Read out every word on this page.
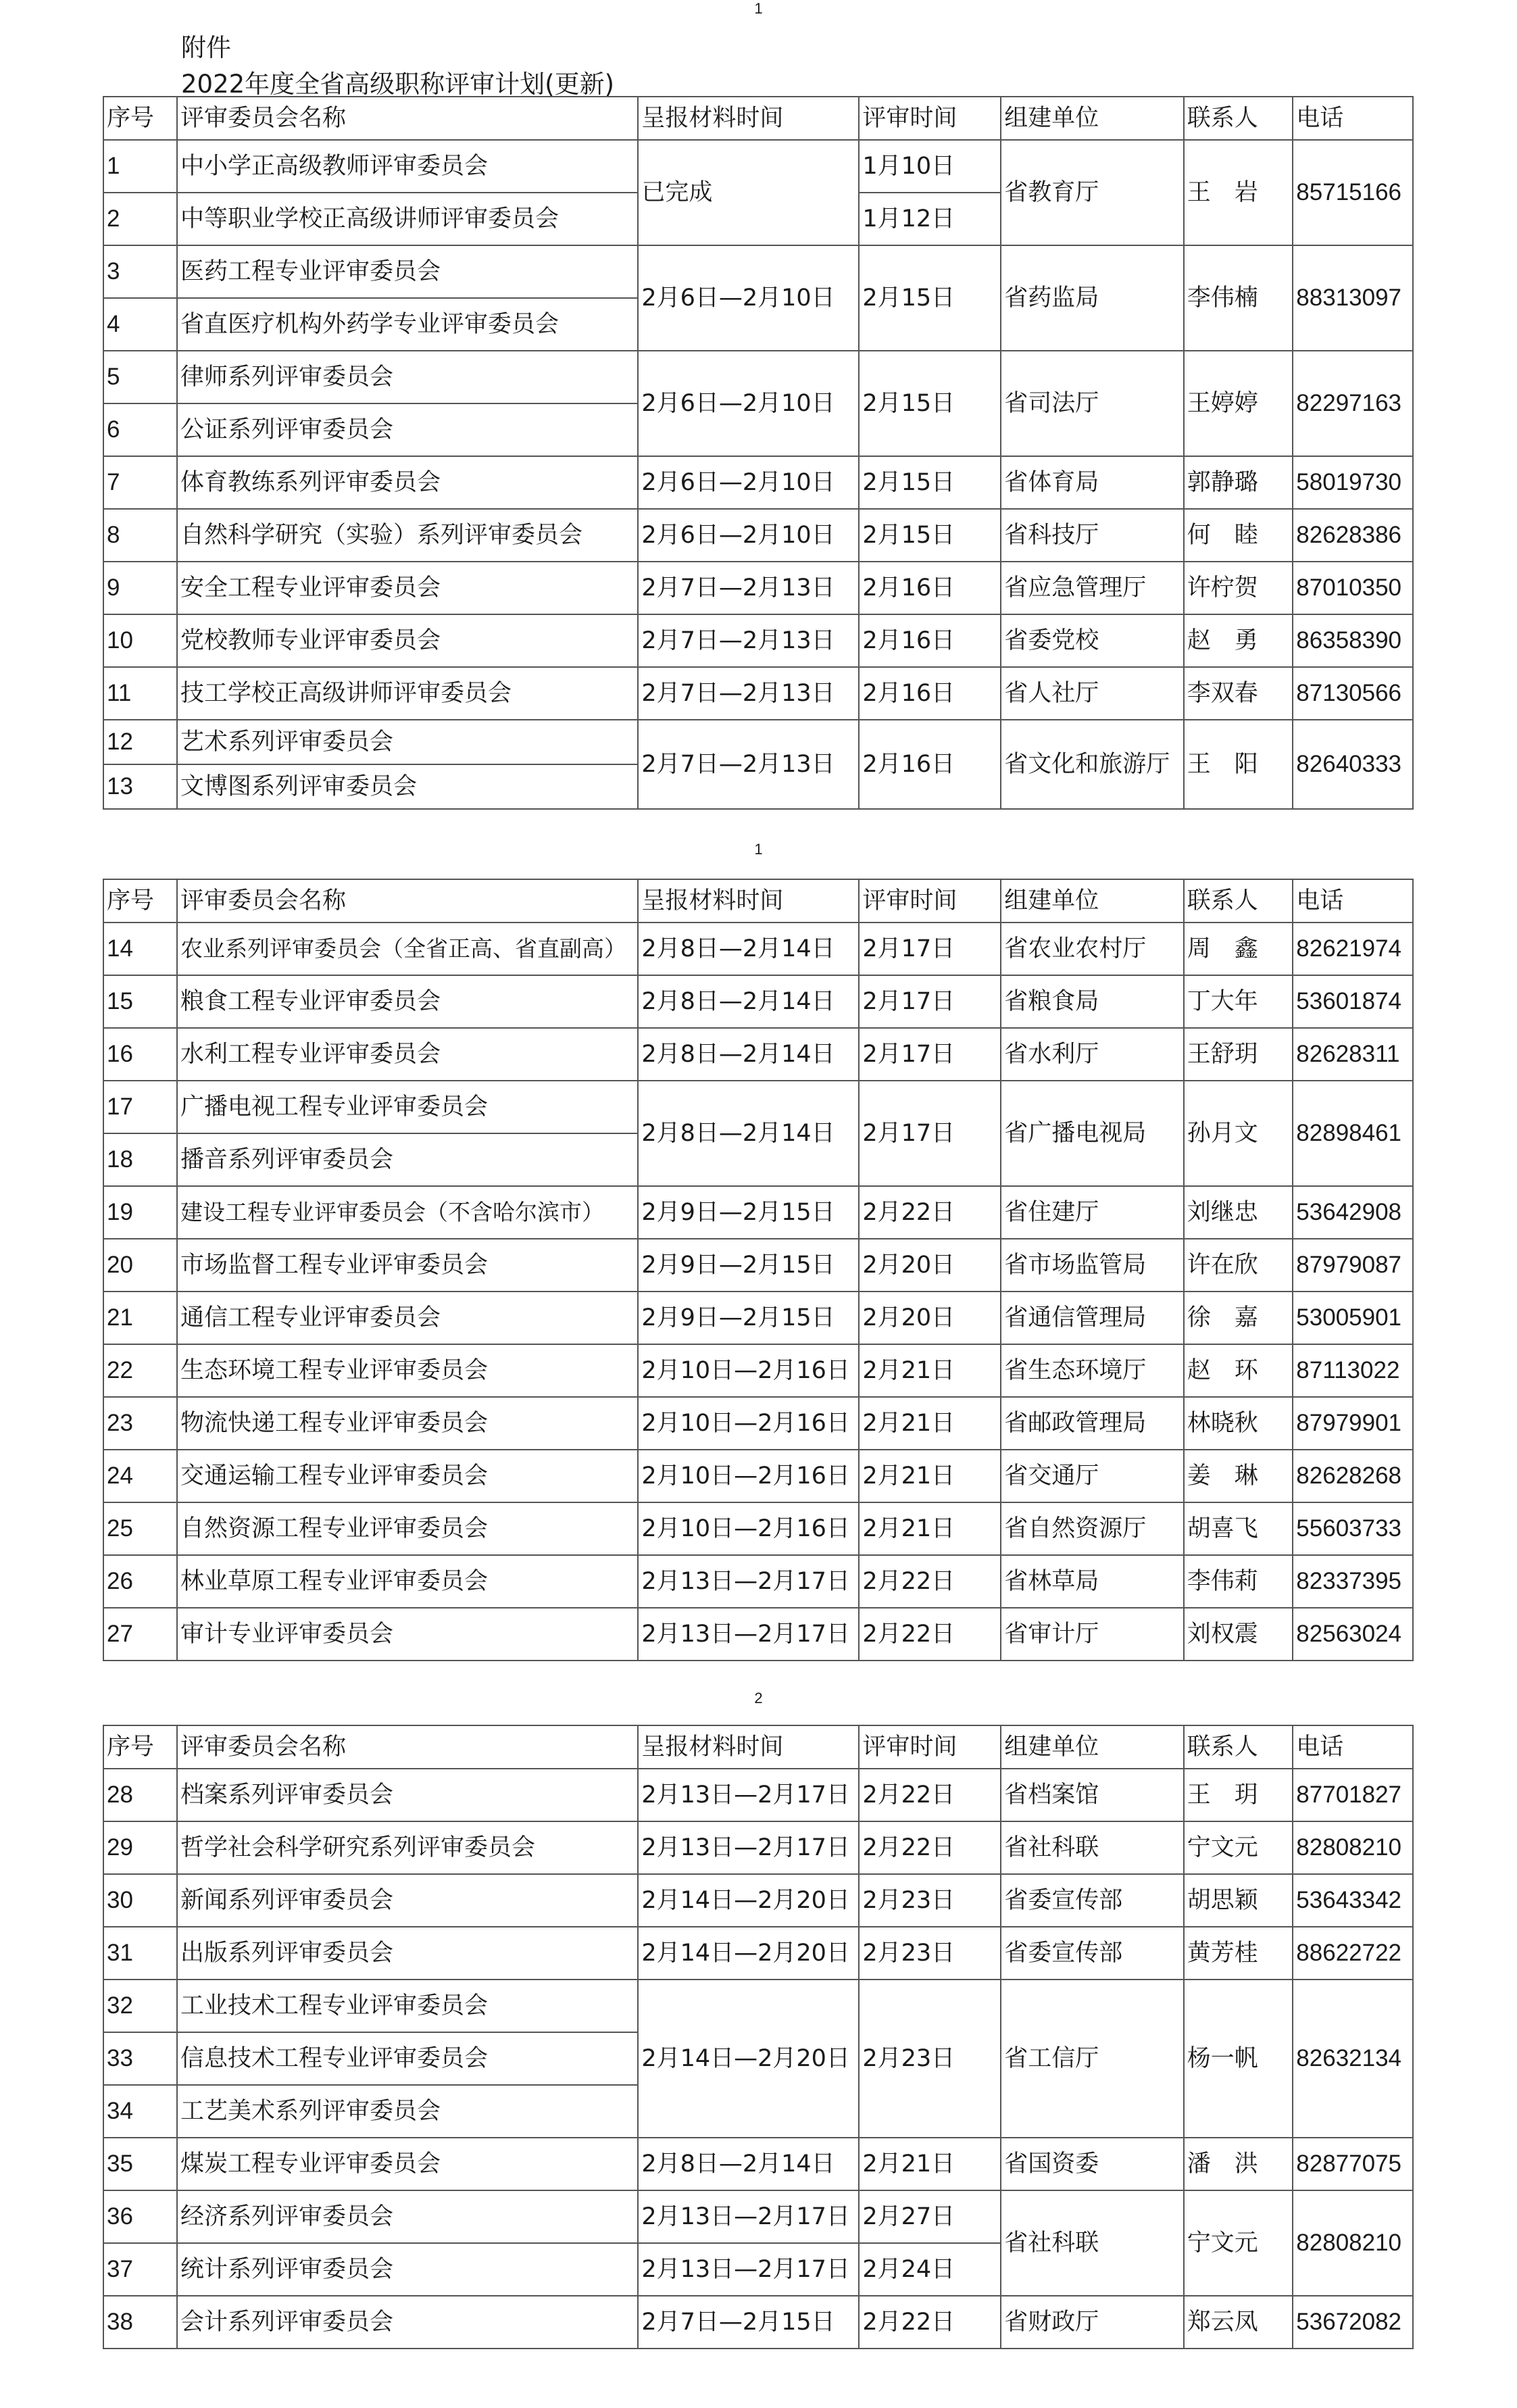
1
附件
2022年度全省高级职称评审计划(更新)
序号	评审委员会名称	呈报材料时间	评审时间	组建单位	联系人	电话
1	中小学正高级教师评审委员会	已完成	1月10日	省教育厅	王　岩	85715166
2	中等职业学校正高级讲师评审委员会		1月12日			
3	医药工程专业评审委员会	2月6日—2月10日	2月15日	省药监局	李伟楠	88313097
4	省直医疗机构外药学专业评审委员会					
5	律师系列评审委员会	2月6日—2月10日	2月15日	省司法厅	王婷婷	82297163
6	公证系列评审委员会					
7	体育教练系列评审委员会	2月6日—2月10日	2月15日	省体育局	郭静璐	58019730
8	自然科学研究（实验）系列评审委员会	2月6日—2月10日	2月15日	省科技厅	何　睦	82628386
9	安全工程专业评审委员会	2月7日—2月13日	2月16日	省应急管理厅	许柠贺	87010350
10	党校教师专业评审委员会	2月7日—2月13日	2月16日	省委党校	赵　勇	86358390
11	技工学校正高级讲师评审委员会	2月7日—2月13日	2月16日	省人社厅	李双春	87130566
12	艺术系列评审委员会	2月7日—2月13日	2月16日	省文化和旅游厅	王　阳	82640333
13	文博图系列评审委员会					
1
序号	评审委员会名称	呈报材料时间	评审时间	组建单位	联系人	电话
14	农业系列评审委员会（全省正高、省直副高）	2月8日—2月14日	2月17日	省农业农村厅	周　鑫	82621974
15	粮食工程专业评审委员会	2月8日—2月14日	2月17日	省粮食局	丁大年	53601874
16	水利工程专业评审委员会	2月8日—2月14日	2月17日	省水利厅	王舒玥	82628311
17	广播电视工程专业评审委员会	2月8日—2月14日	2月17日	省广播电视局	孙月文	82898461
18	播音系列评审委员会					
19	建设工程专业评审委员会（不含哈尔滨市）	2月9日—2月15日	2月22日	省住建厅	刘继忠	53642908
20	市场监督工程专业评审委员会	2月9日—2月15日	2月20日	省市场监管局	许在欣	87979087
21	通信工程专业评审委员会	2月9日—2月15日	2月20日	省通信管理局	徐　嘉	53005901
22	生态环境工程专业评审委员会	2月10日—2月16日	2月21日	省生态环境厅	赵　环	87113022
23	物流快递工程专业评审委员会	2月10日—2月16日	2月21日	省邮政管理局	林晓秋	87979901
24	交通运输工程专业评审委员会	2月10日—2月16日	2月21日	省交通厅	姜　琳	82628268
25	自然资源工程专业评审委员会	2月10日—2月16日	2月21日	省自然资源厅	胡喜飞	55603733
26	林业草原工程专业评审委员会	2月13日—2月17日	2月22日	省林草局	李伟莉	82337395
27	审计专业评审委员会	2月13日—2月17日	2月22日	省审计厅	刘权震	82563024
2
序号	评审委员会名称	呈报材料时间	评审时间	组建单位	联系人	电话
28	档案系列评审委员会	2月13日—2月17日	2月22日	省档案馆	王　玥	87701827
29	哲学社会科学研究系列评审委员会	2月13日—2月17日	2月22日	省社科联	宁文元	82808210
30	新闻系列评审委员会	2月14日—2月20日	2月23日	省委宣传部	胡思颖	53643342
31	出版系列评审委员会	2月14日—2月20日	2月23日	省委宣传部	黄芳桂	88622722
32	工业技术工程专业评审委员会	2月14日—2月20日	2月23日	省工信厅	杨一帆	82632134
33	信息技术工程专业评审委员会					
34	工艺美术系列评审委员会					
35	煤炭工程专业评审委员会	2月8日—2月14日	2月21日	省国资委	潘　洪	82877075
36	经济系列评审委员会	2月13日—2月17日	2月27日	省社科联	宁文元	82808210
37	统计系列评审委员会	2月13日—2月17日	2月24日			
38	会计系列评审委员会	2月7日—2月15日	2月22日	省财政厅	郑云凤	53672082
